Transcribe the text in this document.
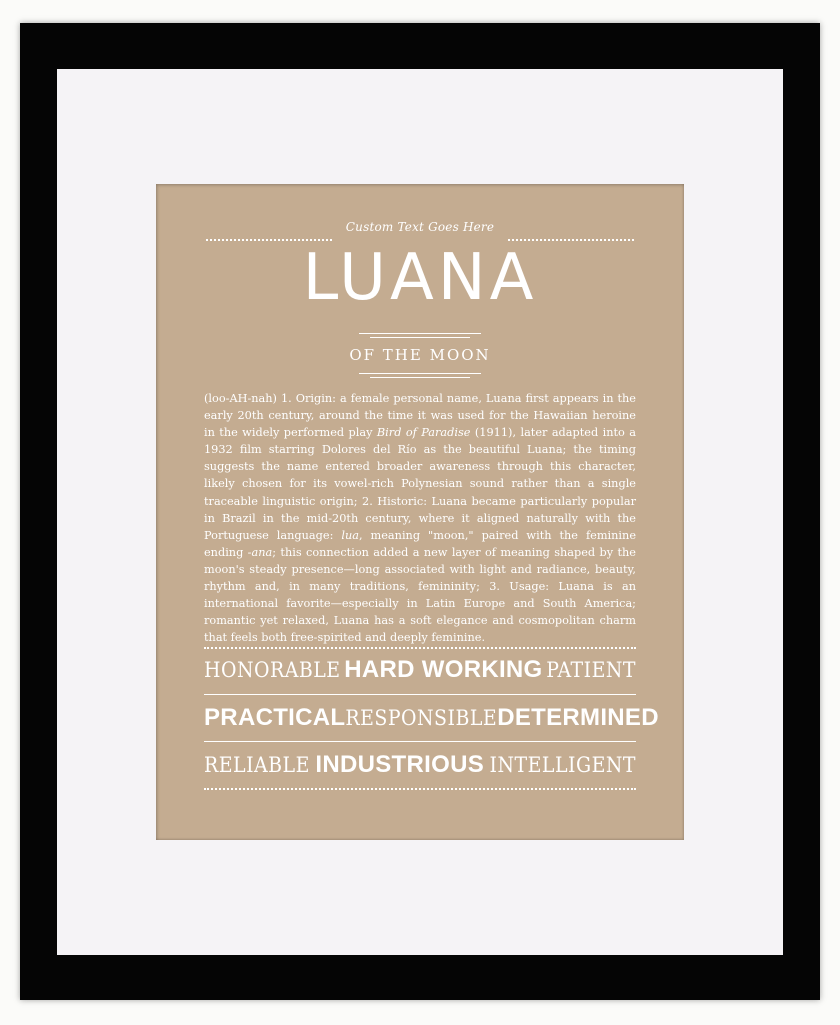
Custom Text Goes Here
LUANA
OF THE MOON
(loo-AH-nah) 1. Origin: a female personal name, Luana first appears in the early 20th century, around the time it was used for the Hawaiian heroine in the widely performed play Bird of Paradise (1911), later adapted into a 1932 film starring Dolores del Río as the beautiful Luana; the timing suggests the name entered broader awareness through this character, likely chosen for its vowel-rich Polynesian sound rather than a single traceable linguistic origin; 2. Historic: Luana became particularly popular in Brazil in the mid-20th century, where it aligned naturally with the Portuguese language: lua, meaning "moon," paired with the feminine ending -ana; this connection added a new layer of meaning shaped by the moon's steady presence—long associated with light and radiance, beauty, rhythm and, in many traditions, femininity; 3. Usage: Luana is an international favorite—especially in Latin Europe and South America; romantic yet relaxed, Luana has a soft elegance and cosmopolitan charm that feels both free-spirited and deeply feminine.
HONORABLE HARD WORKING PATIENT
PRACTICAL RESPONSIBLE DETERMINED
RELIABLE INDUSTRIOUS INTELLIGENT
